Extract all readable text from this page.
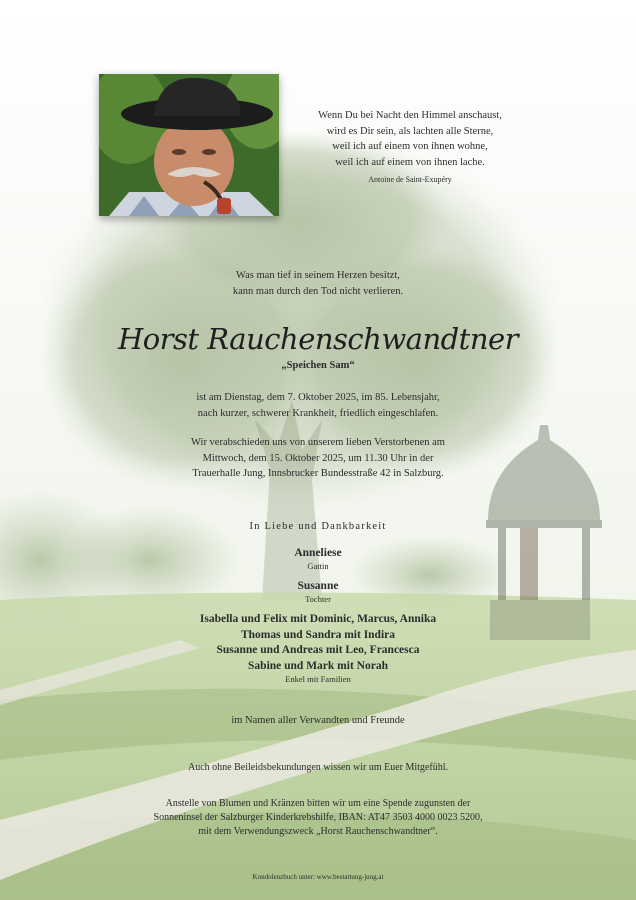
Wenn Du bei Nacht den Himmel anschaust,
wird es Dir sein, als lachten alle Sterne,
weil ich auf einem von ihnen wohne,
weil ich auf einem von ihnen lache.
Antoine de Saint-Exupéry
Was man tief in seinem Herzen besitzt,
kann man durch den Tod nicht verlieren.
Horst Rauchenschwandtner
„Speichen Sam“
ist am Dienstag, dem 7. Oktober 2025, im 85. Lebensjahr,
nach kurzer, schwerer Krankheit, friedlich eingeschlafen.
Wir verabschieden uns von unserem lieben Verstorbenen am
Mittwoch, dem 15. Oktober 2025, um 11.30 Uhr in der
Trauerhalle Jung, Innsbrucker Bundesstraße 42 in Salzburg.
In Liebe und Dankbarkeit
Anneliese
Gattin
Susanne
Tochter
Isabella und Felix mit Dominic, Marcus, Annika
Thomas und Sandra mit Indira
Susanne und Andreas mit Leo, Francesca
Sabine und Mark mit Norah
Enkel mit Familien
im Namen aller Verwandten und Freunde
Auch ohne Beileidsbekundungen wissen wir um Euer Mitgefühl.
Anstelle von Blumen und Kränzen bitten wir um eine Spende zugunsten der
Sonneninsel der Salzburger Kinderkrebshilfe, IBAN: AT47 3503 4000 0023 5200,
mit dem Verwendungszweck „Horst Rauchenschwandtner“.
Kondolenzbuch unter: www.bestattung-jung.at
